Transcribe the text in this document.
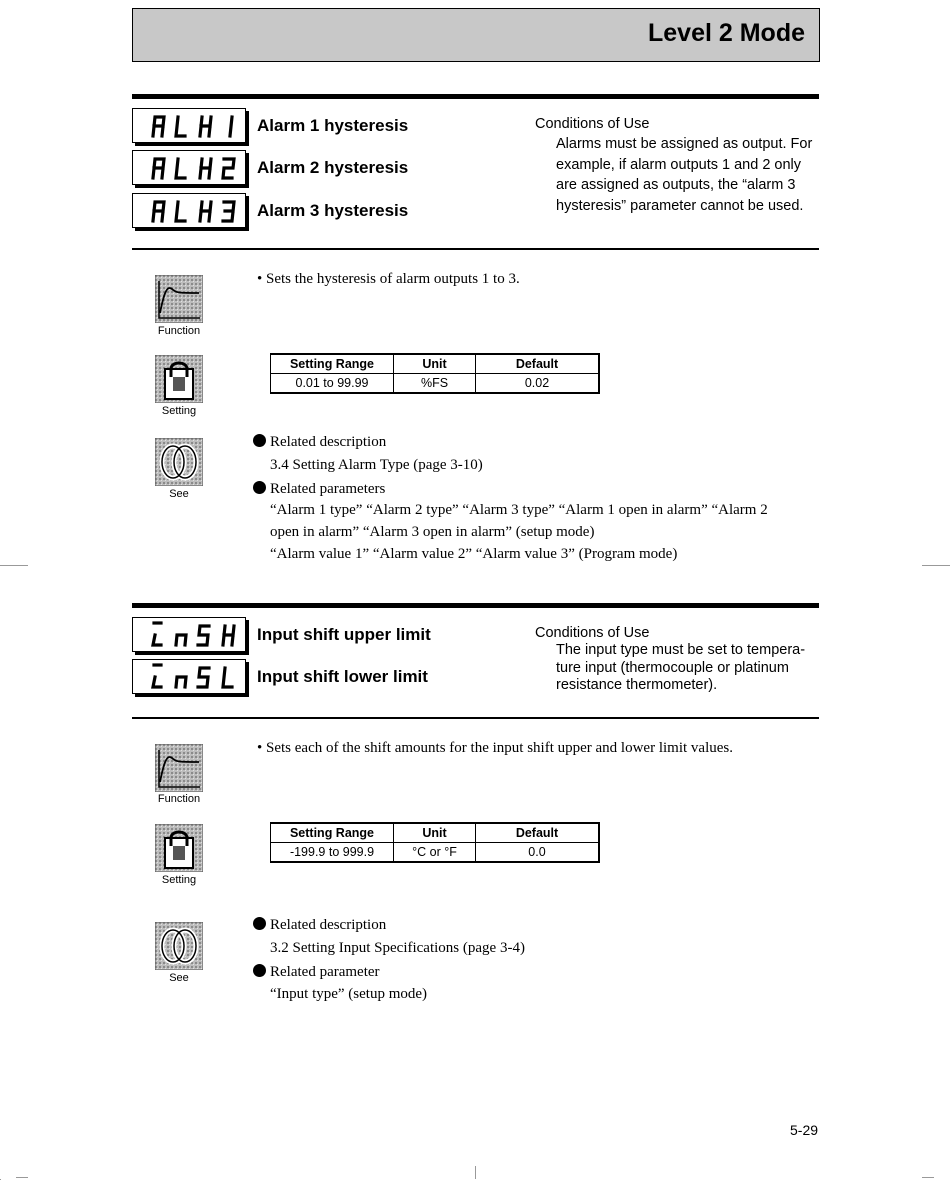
Level 2 Mode
Alarm 1 hysteresis
Alarm 2 hysteresis
Alarm 3 hysteresis
Conditions of Use
Alarms must be assigned as output. For
example, if alarm outputs 1 and 2 only
are assigned as outputs, the “alarm 3
hysteresis” parameter cannot be used.
Function
• Sets the hysteresis of alarm outputs 1 to 3.
Setting
Setting Range	Unit	Default
0.01 to 99.99	%FS	0.02
See
Related description
3.4 Setting Alarm Type (page 3-10)
Related parameters
“Alarm 1 type” “Alarm 2 type” “Alarm 3 type” “Alarm 1 open in alarm” “Alarm 2
open in alarm” “Alarm 3 open in alarm” (setup mode)
“Alarm value 1” “Alarm value 2” “Alarm value 3” (Program mode)
Input shift upper limit
Input shift lower limit
Conditions of Use
The input type must be set to tempera-
ture input (thermocouple or platinum
resistance thermometer).
Function
• Sets each of the shift amounts for the input shift upper and lower limit values.
Setting
Setting Range	Unit	Default
-199.9 to 999.9	°C or °F	0.0
See
Related description
3.2 Setting Input Specifications (page 3-4)
Related parameter
“Input type” (setup mode)
5-29
